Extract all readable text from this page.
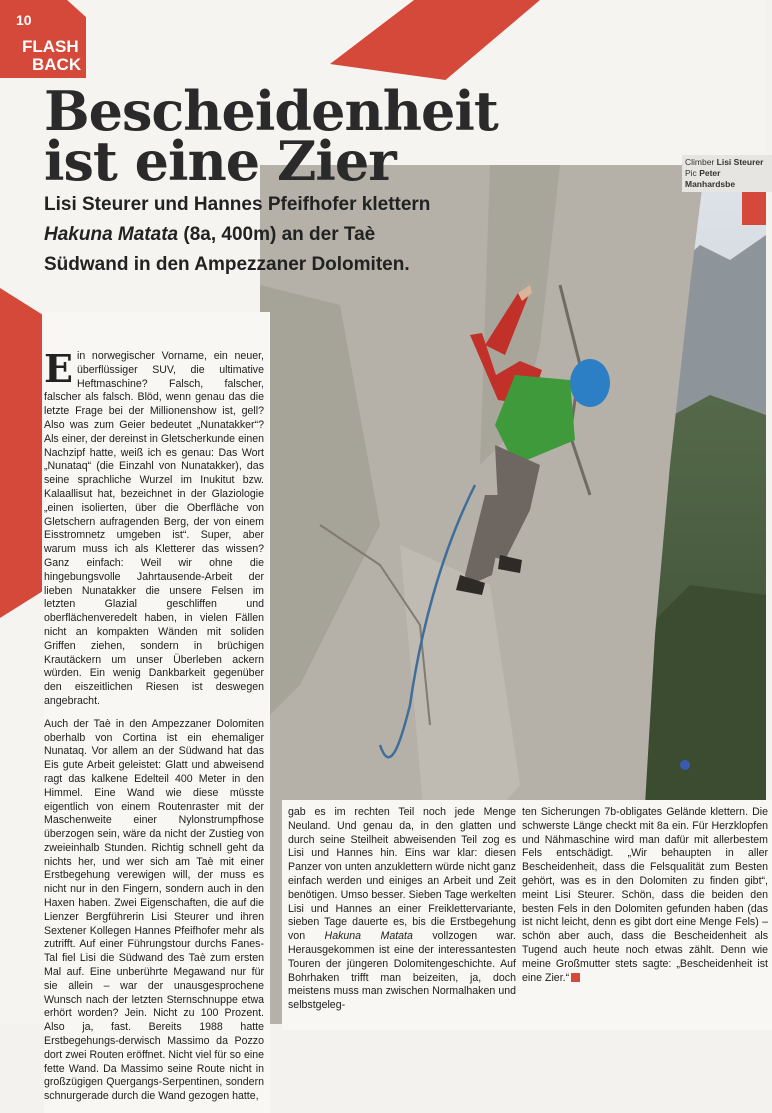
Climber Lisi Steurer
Pic Peter Manhardsbe
10
FLASH
BACK
Bescheidenheit
ist eine Zier
Lisi Steurer und Hannes Pfeifhofer klettern Hakuna Matata (8a, 400m) an der Taè Südwand in den Ampezzaner Dolomiten.

Ein norwegischer Vorname, ein neuer, überflüssiger SUV, die ultimative Heftmaschine? Falsch, falscher, falscher als falsch. Blöd, wenn genau das die letzte Frage bei der Millionenshow ist, gell? Also was zum Geier bedeutet „Nunatakker“? Als einer, der dereinst in Gletscherkunde einen Nachzipf hatte, weiß ich es genau: Das Wort „Nunataq“ (die Einzahl von Nunatakker), das seine sprachliche Wurzel im Inukitut bzw. Kalaallisut hat, bezeichnet in der Glaziologie „einen isolierten, über die Oberfläche von Gletschern aufragenden Berg, der von einem Eisstromnetz umgeben ist“. Super, aber warum muss ich als Kletterer das wissen? Ganz einfach: Weil wir ohne die hingebungsvolle Jahrtausende-Arbeit der lieben Nunatakker die unsere Felsen im letzten Glazial geschliffen und oberflächenveredelt haben, in vielen Fällen nicht an kompakten Wänden mit soliden Griffen ziehen, sondern in brüchigen Krautäckern um unser Überleben ackern würden. Ein wenig Dankbarkeit gegenüber den eiszeitlichen Riesen ist deswegen angebracht.

Auch der Taè in den Ampezzaner Dolomiten oberhalb von Cortina ist ein ehemaliger Nunataq. Vor allem an der Südwand hat das Eis gute Arbeit geleistet: Glatt und abweisend ragt das kalkene Edelteil 400 Meter in den Himmel. Eine Wand wie diese müsste eigentlich von einem Routenraster mit der Maschenweite einer Nylonstrumpfhose überzogen sein, wäre da nicht der Zustieg von zweieinhalb Stunden. Richtig schnell geht da nichts her, und wer sich am Taè mit einer Erstbegehung verewigen will, der muss es nicht nur in den Fingern, sondern auch in den Haxen haben. Zwei Eigenschaften, die auf die Lienzer Bergführerin Lisi Steurer und ihren Sextener Kollegen Hannes Pfeifhofer mehr als zutrifft. Auf einer Führungstour durchs Fanes-Tal fiel Lisi die Südwand des Taè zum ersten Mal auf. Eine unberührte Megawand nur für sie allein – war der unausgesprochene Wunsch nach der letzten Sternschnuppe etwa erhört worden? Jein. Nicht zu 100 Prozent. Also ja, fast. Bereits 1988 hatte Erstbegehungs-derwisch Massimo da Pozzo dort zwei Routen eröffnet. Nicht viel für so eine fette Wand. Da Massimo seine Route nicht in großzügigen Quergangs-Serpentinen, sondern schnurgerade durch die Wand gezogen hatte,

gab es im rechten Teil noch jede Menge Neuland. Und genau da, in den glatten und durch seine Steilheit abweisenden Teil zog es Lisi und Hannes hin. Eins war klar: diesen Panzer von unten anzuklettern würde nicht ganz einfach werden und einiges an Arbeit und Zeit benötigen. Umso besser. Sieben Tage werkelten Lisi und Hannes an einer Freiklettervariante, sieben Tage dauerte es, bis die Erstbegehung von Hakuna Matata vollzogen war. Herausgekommen ist eine der interessantesten Touren der jüngeren Dolomitengeschichte. Auf Bohrhaken trifft man beizeiten, ja, doch meistens muss man zwischen Normalhaken und selbstgeleg-

ten Sicherungen 7b-obligates Gelände klettern. Die schwerste Länge checkt mit 8a ein. Für Herzklopfen und Nähmaschine wird man dafür mit allerbestem Fels entschädigt. „Wir behaupten in aller Bescheidenheit, dass die Felsqualität zum Besten gehört, was es in den Dolomiten zu finden gibt“, meint Lisi Steurer. Schön, dass die beiden den besten Fels in den Dolomiten gefunden haben (das ist nicht leicht, denn es gibt dort eine Menge Fels) – schön aber auch, dass die Bescheidenheit als Tugend auch heute noch etwas zählt. Denn wie meine Großmutter stets sagte: „Bescheidenheit ist eine Zier.“
